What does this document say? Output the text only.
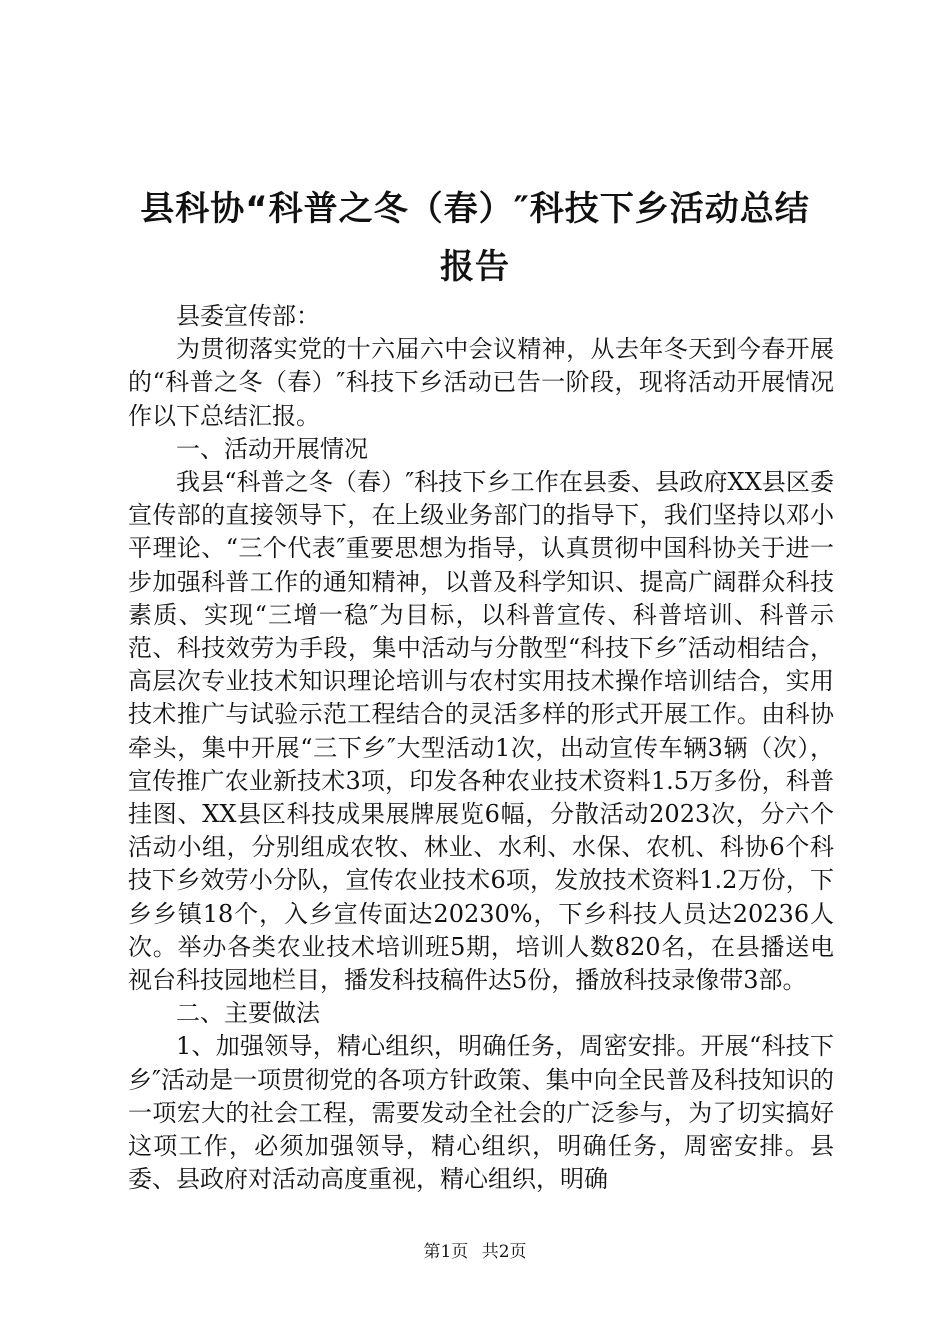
县科协“科普之冬（春）″科技下乡活动总结
报告

县委宣传部：

为贯彻落实党的十六届六中会议精神，从去年冬天到今春开展的“科普之冬（春）″科技下乡活动已告一阶段，现将活动开展情况作以下总结汇报。

一、活动开展情况

我县“科普之冬（春）″科技下乡工作在县委、县政府XX县区委宣传部的直接领导下，在上级业务部门的指导下，我们坚持以邓小平理论、“三个代表″重要思想为指导，认真贯彻中国科协关于进一步加强科普工作的通知精神，以普及科学知识、提高广阔群众科技素质、实现“三增一稳″为目标，以科普宣传、科普培训、科普示范、科技效劳为手段，集中活动与分散型“科技下乡″活动相结合，高层次专业技术知识理论培训与农村实用技术操作培训结合，实用技术推广与试验示范工程结合的灵活多样的形式开展工作。由科协牵头，集中开展“三下乡″大型活动1次，出动宣传车辆3辆（次），宣传推广农业新技术3项，印发各种农业技术资料1.5万多份，科普挂图、XX县区科技成果展牌展览6幅，分散活动2023次，分六个活动小组，分别组成农牧、林业、水利、水保、农机、科协6个科技下乡效劳小分队，宣传农业技术6项，发放技术资料1.2万份，下乡乡镇18个，入乡宣传面达20230%，下乡科技人员达20236人次。举办各类农业技术培训班5期，培训人数820名，在县播送电视台科技园地栏目，播发科技稿件达5份，播放科技录像带3部。

二、主要做法

1、加强领导，精心组织，明确任务，周密安排。开展“科技下乡″活动是一项贯彻党的各项方针政策、集中向全民普及科技知识的一项宏大的社会工程，需要发动全社会的广泛参与，为了切实搞好这项工作，必须加强领导，精心组织，明确任务，周密安排。县委、县政府对活动高度重视，精心组织，明确

第1页 共2页
